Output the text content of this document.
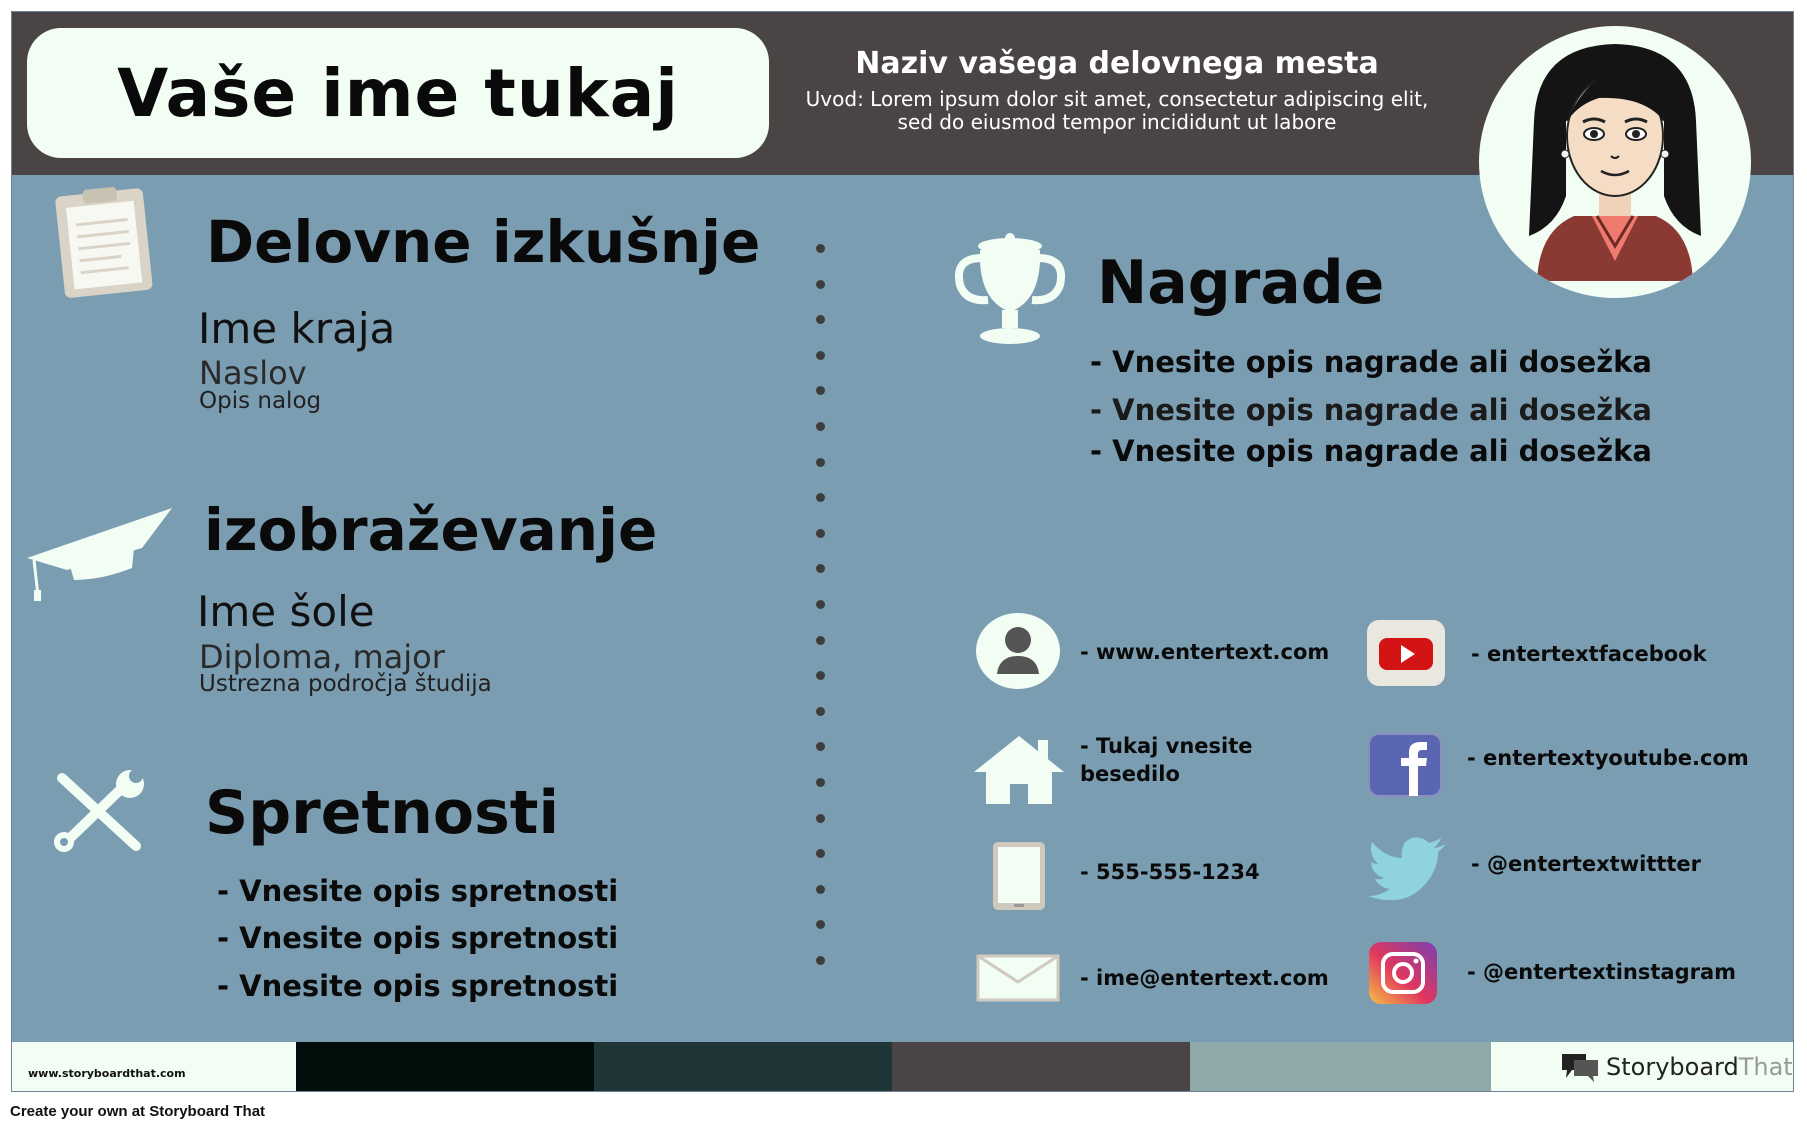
Vaše ime tukaj	Naziv vašega delovnega mesta
Uvod: Lorem ipsum dolor sit amet, consectetur adipiscing elit,
sed do eiusmod tempor incididunt ut labore
Delovne izkušnje
Ime kraja
Naslov
Opis nalog
izobraževanje
Ime šole
Diploma, major
Ustrezna področja študija
Spretnosti
- Vnesite opis spretnosti
- Vnesite opis spretnosti
- Vnesite opis spretnosti
Nagrade
- Vnesite opis nagrade ali dosežka
- Vnesite opis nagrade ali dosežka
- Vnesite opis nagrade ali dosežka
- www.entertext.com
- Tukaj vnesite
besedilo
- 555-555-1234
- ime@entertext.com
- entertextfacebook
- entertextyoutube.com
- @entertextwittter
- @entertextinstagram
www.storyboardthat.com	StoryboardThat
Create your own at Storyboard That
